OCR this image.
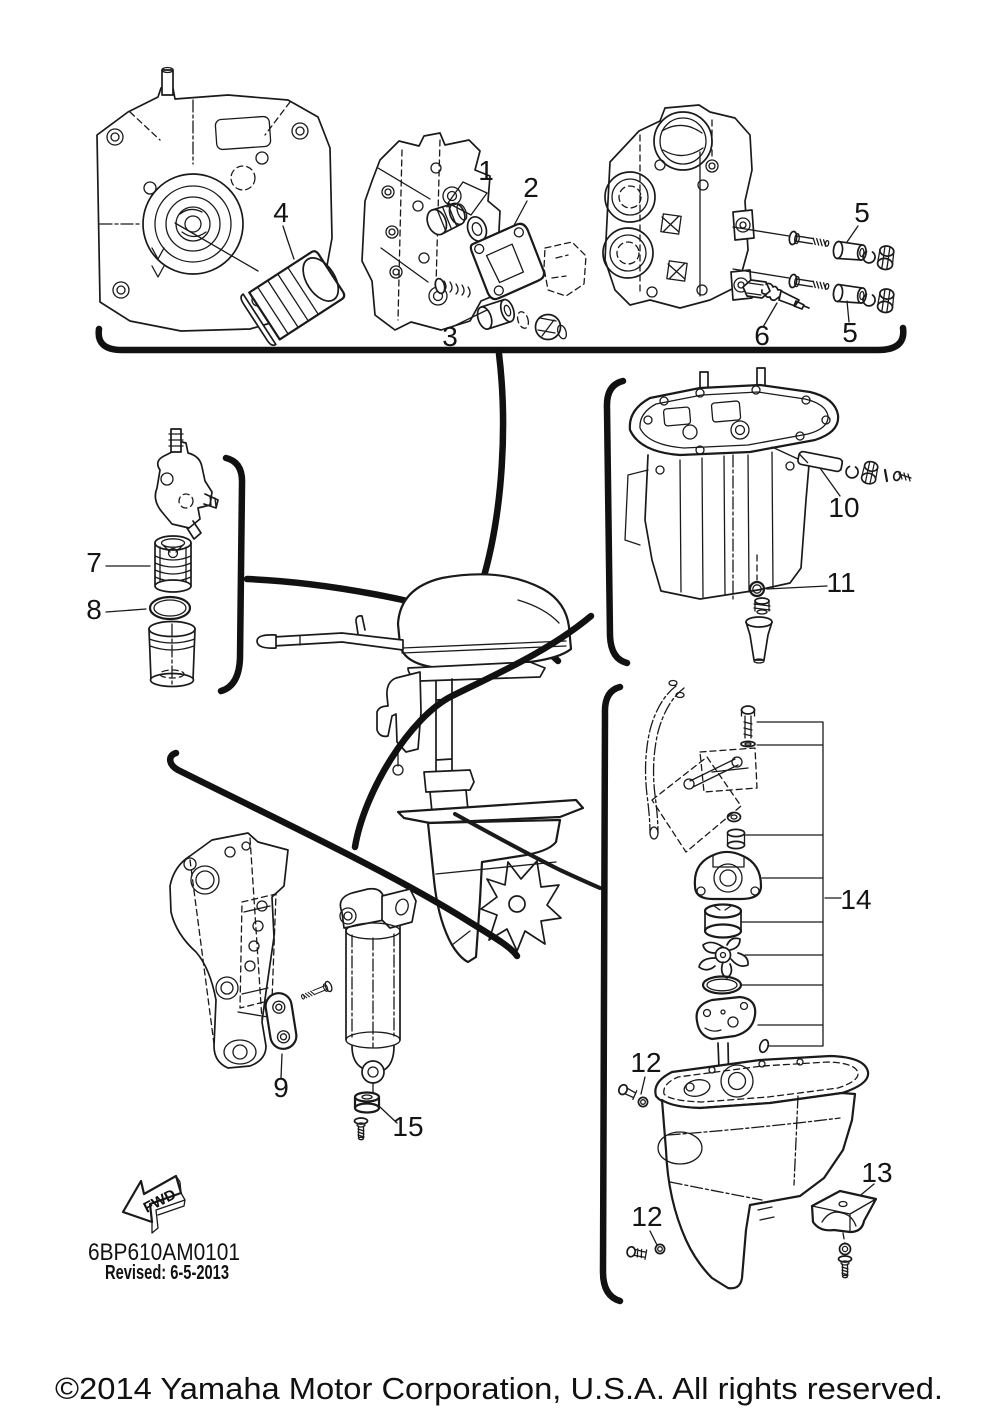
4
1
2
3
5
5
6
7
8
10
11
9
15
14
12
12
13
FWD
6BP610AM0101
Revised: 6-5-2013
©2014 Yamaha Motor Corporation, U.S.A. All rights reserved.
